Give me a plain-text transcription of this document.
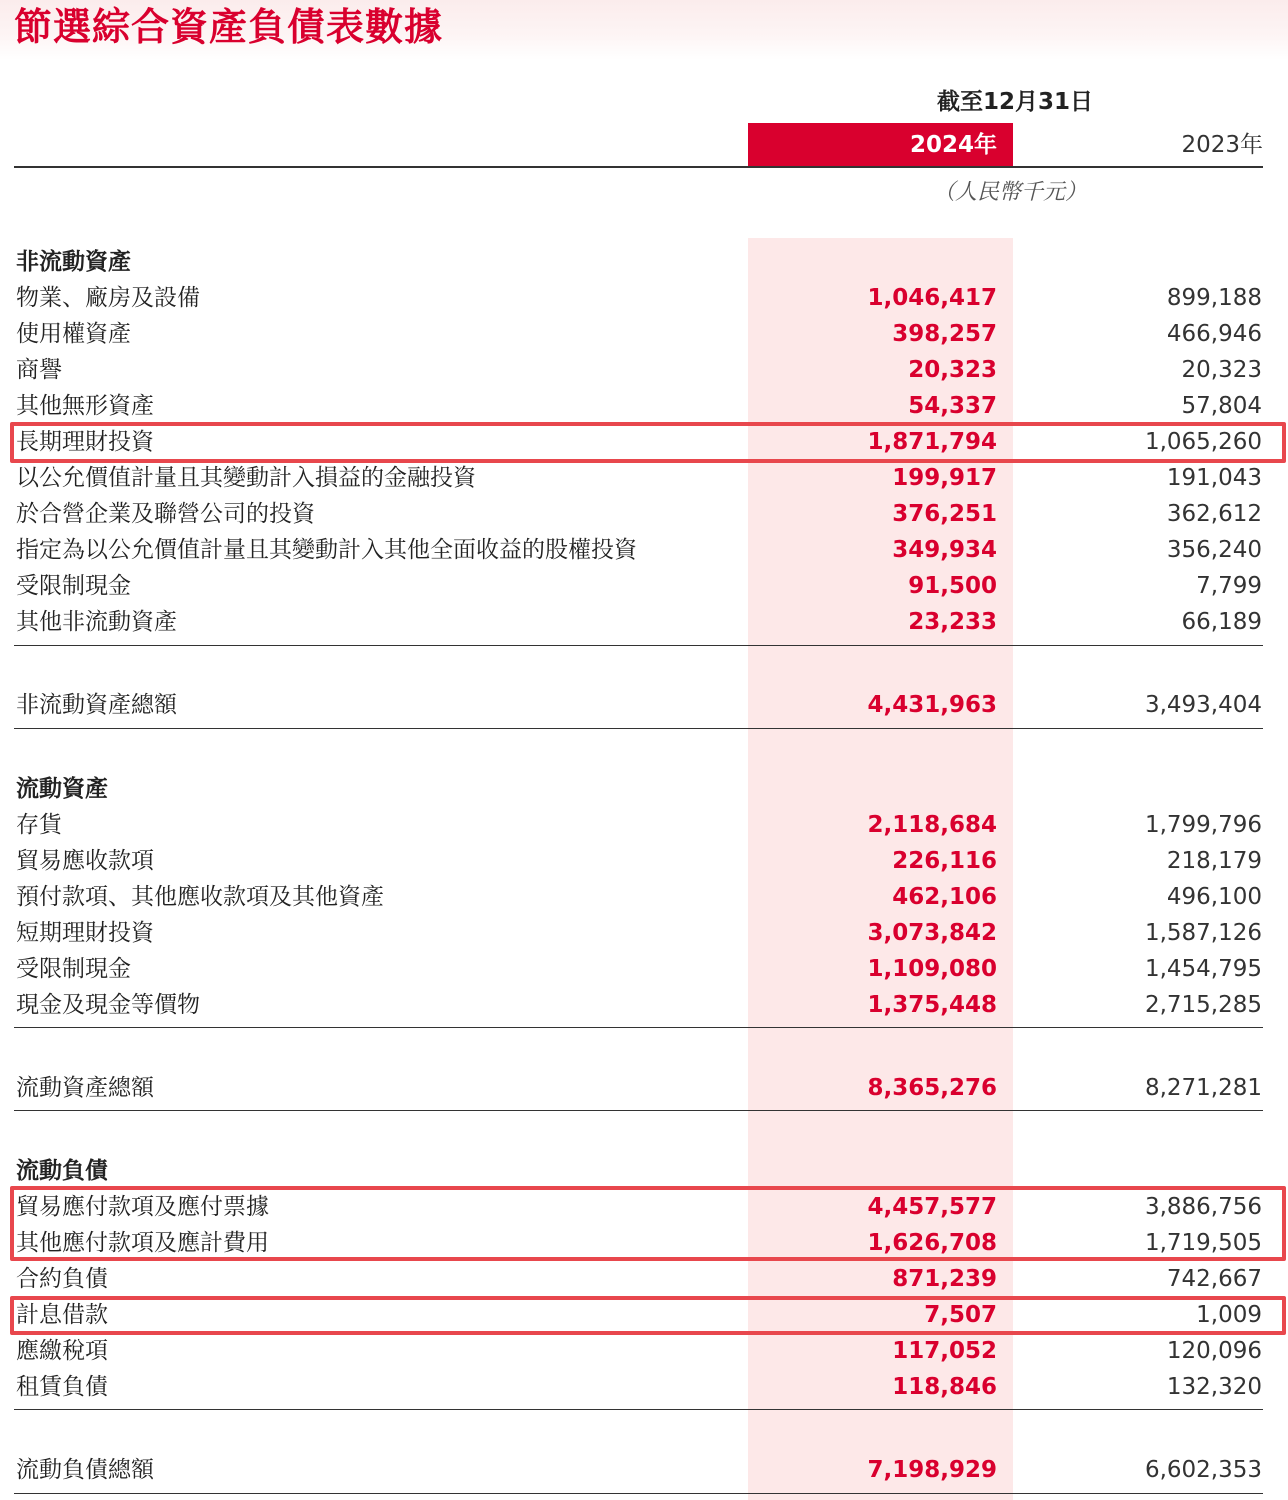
節選綜合資產負債表數據
截至12月31日
2024年	2023年
（人民幣千元）
非流動資產
物業、廠房及設備	1,046,417	899,188
使用權資產	398,257	466,946
商譽	20,323	20,323
其他無形資產	54,337	57,804
長期理財投資	1,871,794	1,065,260
以公允價值計量且其變動計入損益的金融投資	199,917	191,043
於合營企業及聯營公司的投資	376,251	362,612
指定為以公允價值計量且其變動計入其他全面收益的股權投資	349,934	356,240
受限制現金	91,500	7,799
其他非流動資產	23,233	66,189
非流動資產總額	4,431,963	3,493,404
流動資產
存貨	2,118,684	1,799,796
貿易應收款項	226,116	218,179
預付款項、其他應收款項及其他資產	462,106	496,100
短期理財投資	3,073,842	1,587,126
受限制現金	1,109,080	1,454,795
現金及現金等價物	1,375,448	2,715,285
流動資產總額	8,365,276	8,271,281
流動負債
貿易應付款項及應付票據	4,457,577	3,886,756
其他應付款項及應計費用	1,626,708	1,719,505
合約負債	871,239	742,667
計息借款	7,507	1,009
應繳稅項	117,052	120,096
租賃負債	118,846	132,320
流動負債總額	7,198,929	6,602,353
